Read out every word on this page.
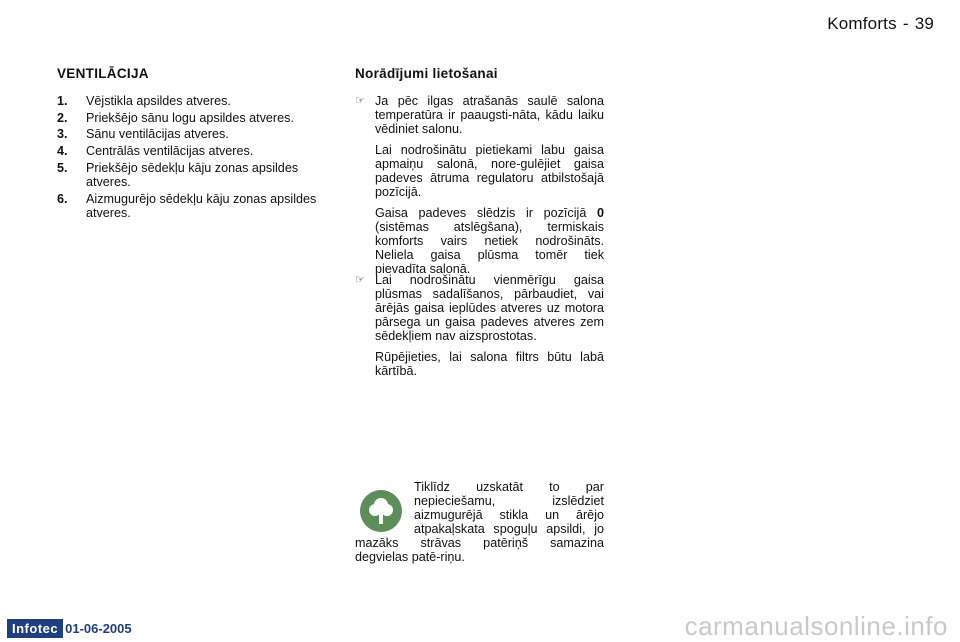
Komforts - 39
VENTILĀCIJA
1.	Vējstikla apsildes atveres.
2.	Priekšējo sānu logu apsildes atveres.
3.	Sānu ventilācijas atveres.
4.	Centrālās ventilācijas atveres.
5.	Priekšējo sēdekļu kāju zonas apsildes atveres.
6.	Aizmugurējo sēdekļu kāju zonas apsildes atveres.
Norādījumi lietošanai
☞ Ja pēc ilgas atrašanās saulē salona temperatūra ir paaugsti-nāta, kādu laiku vēdiniet salonu.

Lai nodrošinātu pietiekami labu gaisa apmaiņu salonā, nore-gulējiet gaisa padeves ātruma regulatoru atbilstošajā pozīcijā.

Gaisa padeves slēdzis ir pozīcijā 0 (sistēmas atslēgšana), termiskais komforts vairs netiek nodrošināts. Neliela gaisa plūsma tomēr tiek pievadīta salonā.

☞ Lai nodrošinātu vienmērīgu gaisa plūsmas sadalīšanos, pārbaudiet, vai ārējās gaisa ieplūdes atveres uz motora pārsega un gaisa padeves atveres zem sēdekļiem nav aizsprostotas.

Rūpējieties, lai salona filtrs būtu labā kārtībā.

Tiklīdz uzskatāt to par nepieciešamu, izslēdziet aizmugurējā stikla un ārējo atpakaļskata spoguļu apsildi, jo mazāks strāvas patēriņš samazina degvielas patē-riņu.
Infotec 01-06-2005	carmanualsonline.info
